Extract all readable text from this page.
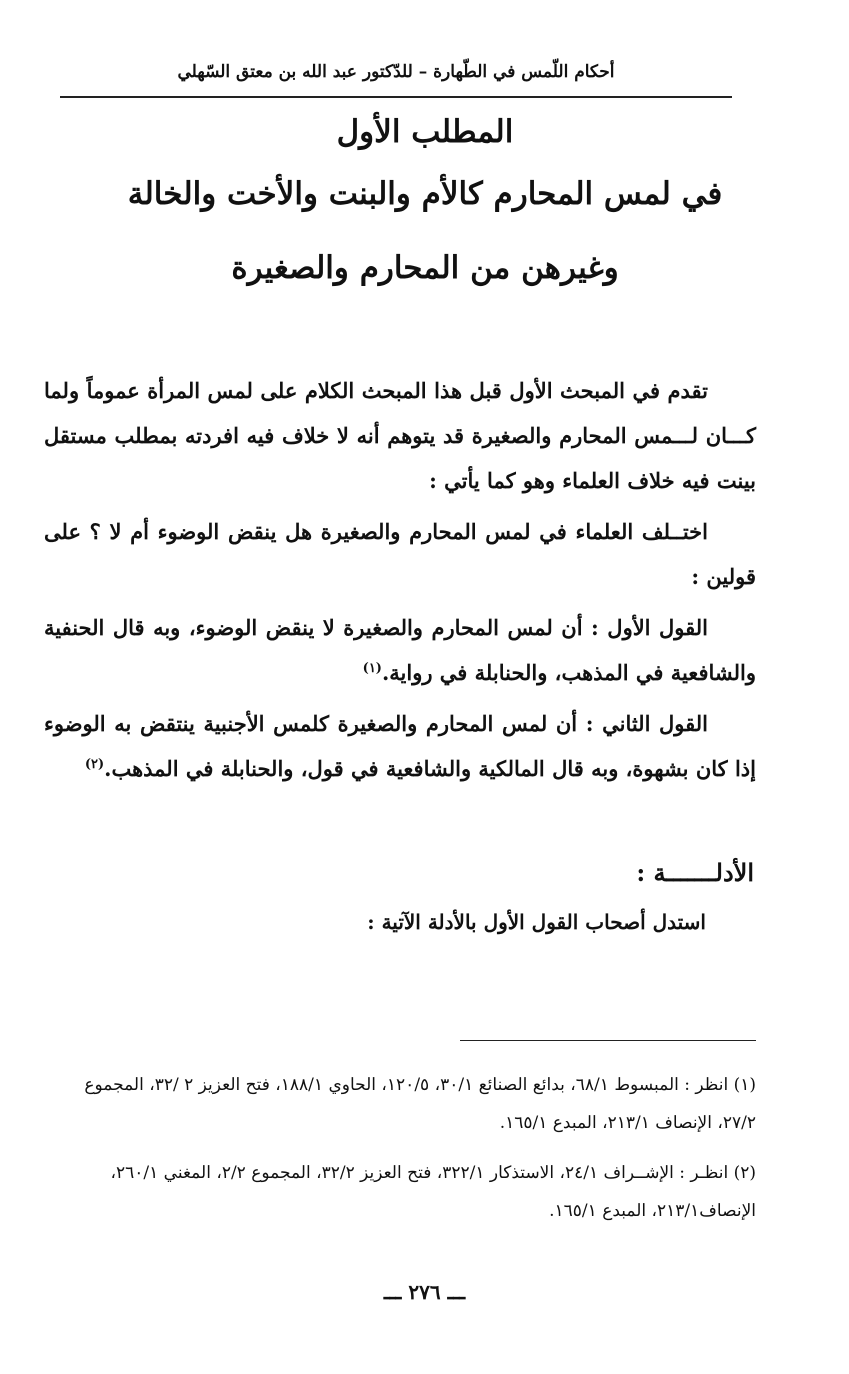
أحكام اللّمس في الطّهارة – للدّكتور عبد الله بن معتق السّهلي

المطلب الأول

في لمس المحارم كالأم والبنت والأخت والخالة

وغيرهن من المحارم والصغيرة

تقدم في المبحث الأول قبل هذا المبحث الكلام على لمس المرأة عموماً ولما كـــان لـــمس المحارم والصغيرة قد يتوهم أنه لا خلاف فيه افردته بمطلب مستقل بينت فيه خلاف العلماء وهو كما يأتي :

اختــلف العلماء في لمس المحارم والصغيرة هل ينقض الوضوء أم لا ؟ على قولين :

القول الأول : أن لمس المحارم والصغيرة لا ينقض الوضوء، وبه قال الحنفية والشافعية في المذهب، والحنابلة في رواية.$^{(١)}$

القول الثاني : أن لمس المحارم والصغيرة كلمس الأجنبية ينتقض به الوضوء إذا كان بشهوة، وبه قال المالكية والشافعية في قول، والحنابلة في المذهب.$^{(٢)}$

الأدلـــــــة :
استدل أصحاب القول الأول بالأدلة الآتية :

(١) انظر : المبسوط ٦٨/١، بدائع الصنائع ٣٠/١، ١٢٠/٥، الحاوي ١٨٨/١، فتح العزيز ٢ /٣٢، المجموع ٢٧/٢، الإنصاف ٢١٣/١، المبدع ١٦٥/١.

(٢) انظـر : الإشــراف ٢٤/١، الاستذكار ٣٢٢/١، فتح العزيز ٣٢/٢، المجموع ٢/٢، المغني ٢٦٠/١، الإنصاف٢١٣/١، المبدع ١٦٥/١.

ـــ ٢٧٦ ـــ
